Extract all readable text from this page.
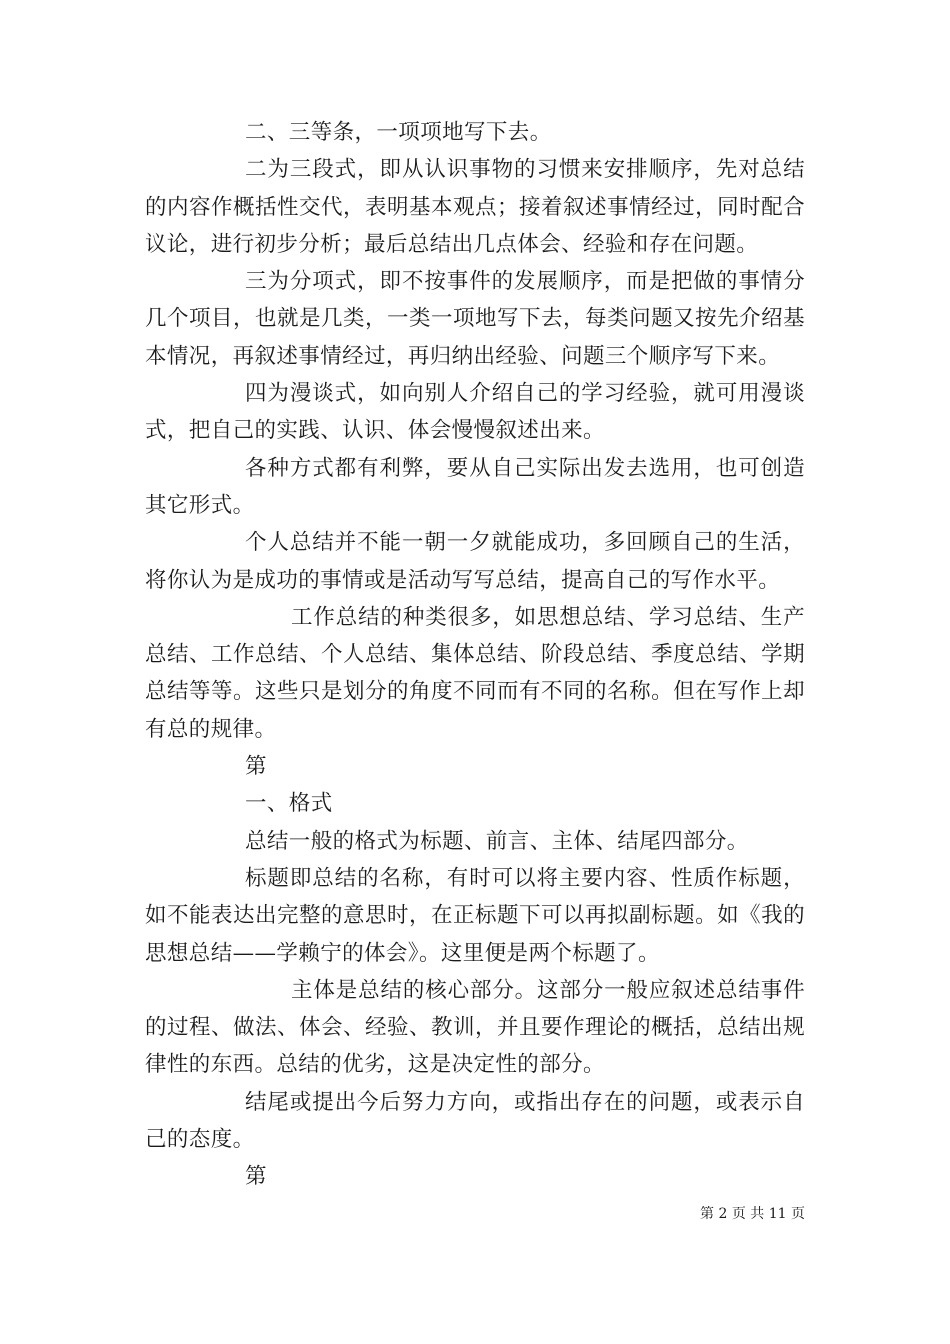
二、三等条，一项项地写下去。

二为三段式，即从认识事物的习惯来安排顺序，先对总结的内容作概括性交代，表明基本观点；接着叙述事情经过，同时配合议论，进行初步分析；最后总结出几点体会、经验和存在问题。

三为分项式，即不按事件的发展顺序，而是把做的事情分几个项目，也就是几类，一类一项地写下去，每类问题又按先介绍基本情况，再叙述事情经过，再归纳出经验、问题三个顺序写下来。

四为漫谈式，如向别人介绍自己的学习经验，就可用漫谈式，把自己的实践、认识、体会慢慢叙述出来。

各种方式都有利弊，要从自己实际出发去选用，也可创造其它形式。

个人总结并不能一朝一夕就能成功，多回顾自己的生活，将你认为是成功的事情或是活动写写总结，提高自己的写作水平。

工作总结的种类很多，如思想总结、学习总结、生产总结、工作总结、个人总结、集体总结、阶段总结、季度总结、学期总结等等。这些只是划分的角度不同而有不同的名称。但在写作上却有总的规律。

第

一、格式

总结一般的格式为标题、前言、主体、结尾四部分。

标题即总结的名称，有时可以将主要内容、性质作标题，如不能表达出完整的意思时，在正标题下可以再拟副标题。如《我的思想总结——学赖宁的体会》。这里便是两个标题了。

主体是总结的核心部分。这部分一般应叙述总结事件的过程、做法、体会、经验、教训，并且要作理论的概括，总结出规律性的东西。总结的优劣，这是决定性的部分。

结尾或提出今后努力方向，或指出存在的问题，或表示自己的态度。

第

第 2 页 共 11 页
